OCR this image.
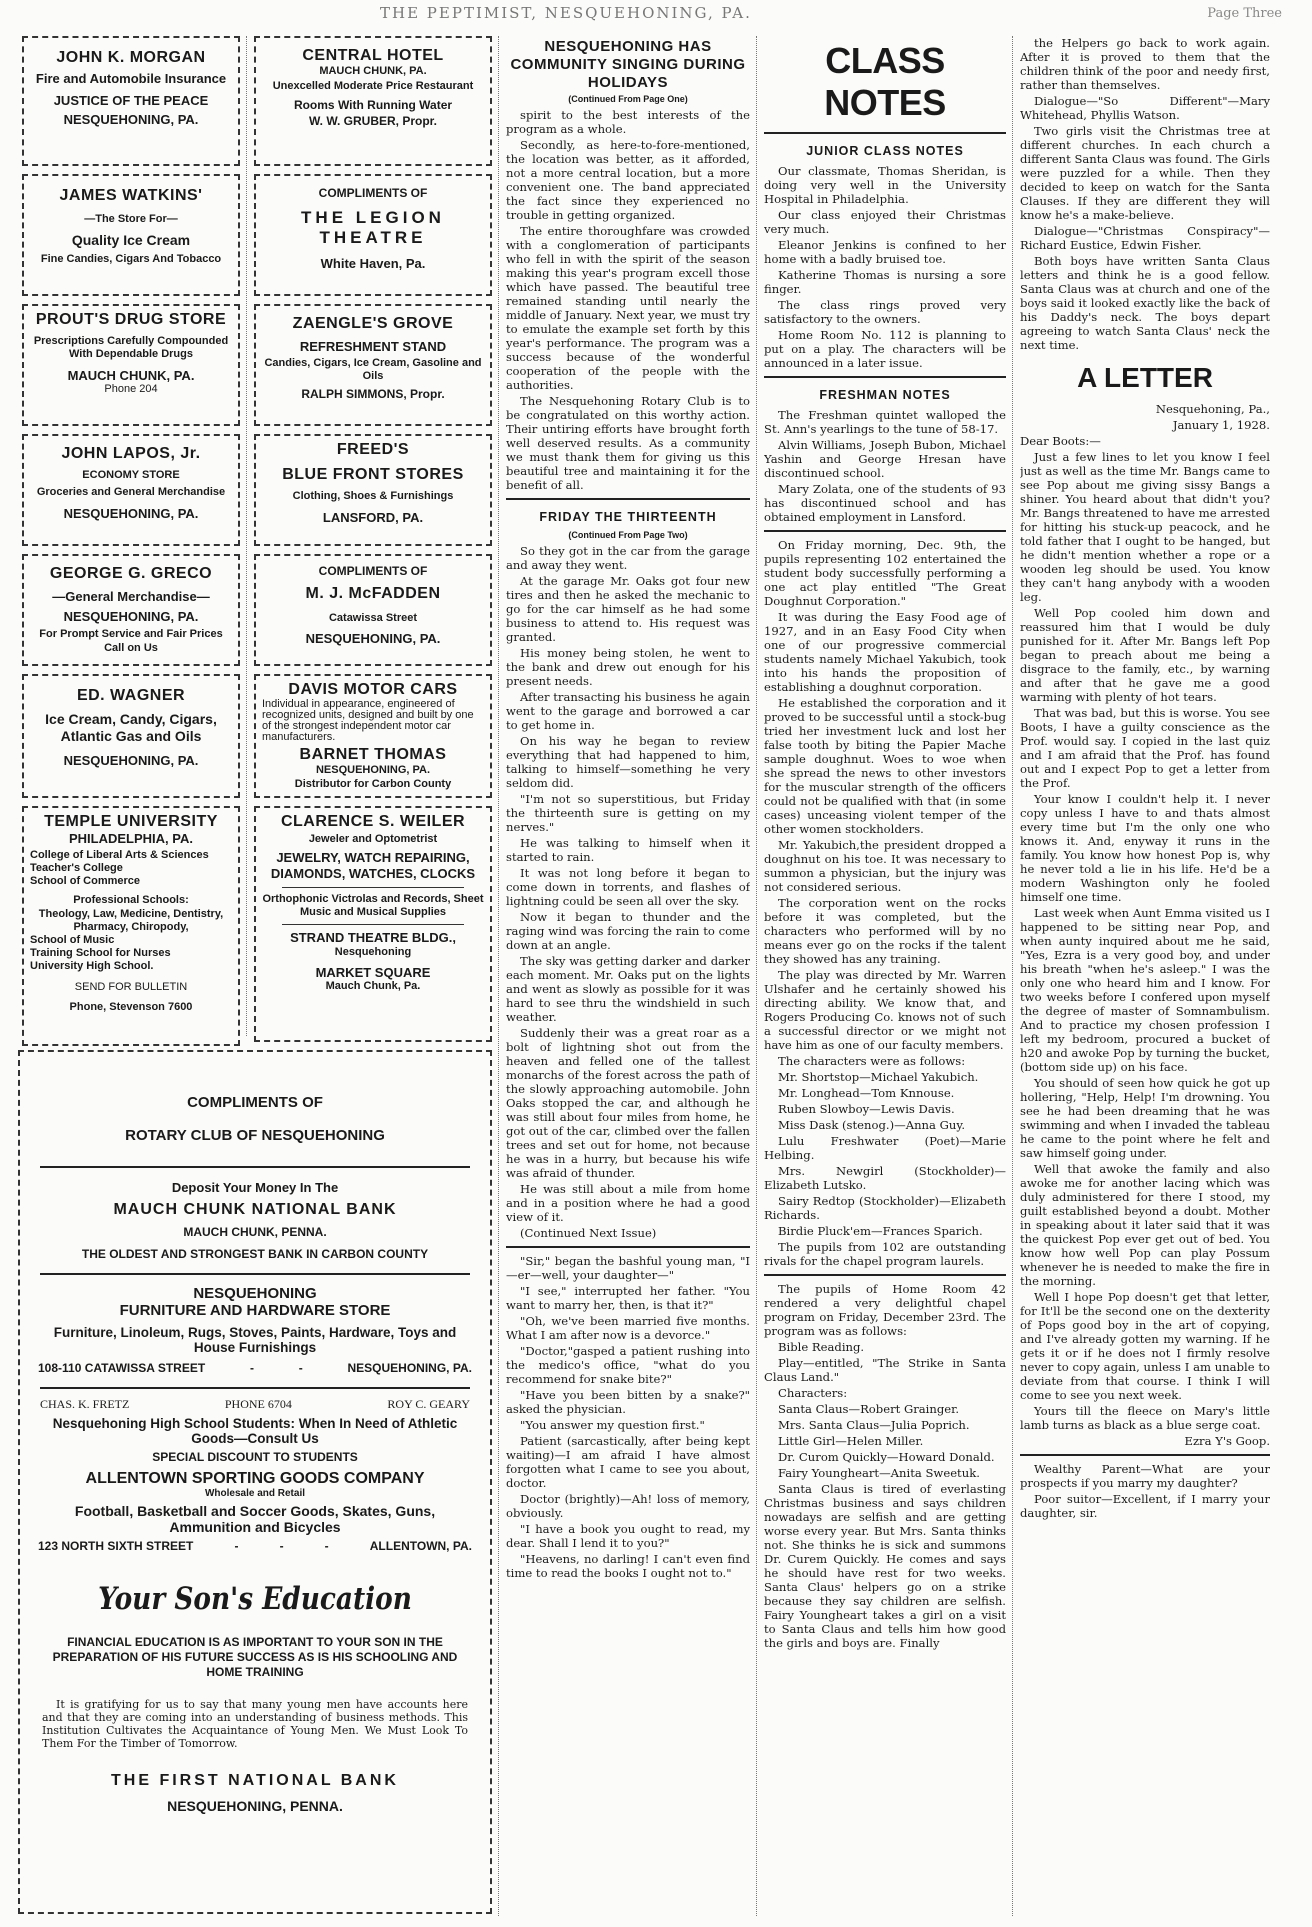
THE PEPTIMIST, NESQUEHONING, PA.	Page Three
JOHN K. MORGAN
Fire and Automobile Insurance
JUSTICE OF THE PEACE
NESQUEHONING, PA.
JAMES WATKINS'
—The Store For—
Quality Ice Cream
Fine Candies, Cigars And Tobacco
PROUT'S DRUG STORE
Prescriptions Carefully Compounded With Dependable Drugs
MAUCH CHUNK, PA.
Phone 204
JOHN LAPOS, Jr.
ECONOMY STORE
Groceries and General Merchandise
NESQUEHONING, PA.
GEORGE G. GRECO
—General Merchandise—
NESQUEHONING, PA.
For Prompt Service and Fair Prices Call on Us
ED. WAGNER
Ice Cream, Candy, Cigars, Atlantic Gas and Oils
NESQUEHONING, PA.
TEMPLE UNIVERSITY
PHILADELPHIA, PA.
College of Liberal Arts & Sciences
Teacher's College
School of Commerce
Professional Schools:
Theology, Law, Medicine, Dentistry, Pharmacy, Chiropody,
School of Music
Training School for Nurses
University High School.
SEND FOR BULLETIN
Phone, Stevenson 7600
CENTRAL HOTEL
MAUCH CHUNK, PA.
Unexcelled Moderate Price Restaurant
Rooms With Running Water
W. W. GRUBER, Propr.
COMPLIMENTS OF
THE LEGION THEATRE
White Haven, Pa.
ZAENGLE'S GROVE
REFRESHMENT STAND
Candies, Cigars, Ice Cream, Gasoline and Oils
RALPH SIMMONS, Propr.
FREED'S
BLUE FRONT STORES
Clothing, Shoes & Furnishings
LANSFORD, PA.
COMPLIMENTS OF
M. J. McFADDEN
Catawissa Street
NESQUEHONING, PA.
DAVIS MOTOR CARS
Individual in appearance, engineered of recognized units, designed and built by one of the strongest independent motor car manufacturers.
BARNET THOMAS
NESQUEHONING, PA.
Distributor for Carbon County
CLARENCE S. WEILER
Jeweler and Optometrist
JEWELRY, WATCH REPAIRING, DIAMONDS, WATCHES, CLOCKS
Orthophonic Victrolas and Records, Sheet Music and Musical Supplies
STRAND THEATRE BLDG.,
Nesquehoning
MARKET SQUARE
Mauch Chunk, Pa.
COMPLIMENTS OF
ROTARY CLUB OF NESQUEHONING
Deposit Your Money In The
MAUCH CHUNK NATIONAL BANK
MAUCH CHUNK, PENNA.
THE OLDEST AND STRONGEST BANK IN CARBON COUNTY
NESQUEHONING
FURNITURE AND HARDWARE STORE
Furniture, Linoleum, Rugs, Stoves, Paints, Hardware, Toys and House Furnishings
108-110 CATAWISSA STREET	-	-	NESQUEHONING, PA.
CHAS. K. FRETZ	PHONE 6704	ROY C. GEARY
Nesquehoning High School Students: When In Need of Athletic Goods—Consult Us
SPECIAL DISCOUNT TO STUDENTS
ALLENTOWN SPORTING GOODS COMPANY
Wholesale and Retail
Football, Basketball and Soccer Goods, Skates, Guns, Ammunition and Bicycles
123 NORTH SIXTH STREET	-	-	-	ALLENTOWN, PA.
Your Son's Education
FINANCIAL EDUCATION IS AS IMPORTANT TO YOUR SON IN THE PREPARATION OF HIS FUTURE SUCCESS AS IS HIS SCHOOLING AND HOME TRAINING
It is gratifying for us to say that many young men have accounts here and that they are coming into an understanding of business methods. This Institution Cultivates the Acquaintance of Young Men. We Must Look To Them For the Timber of Tomorrow.
THE FIRST NATIONAL BANK
NESQUEHONING, PENNA.
NESQUEHONING HAS COMMUNITY SINGING DURING HOLIDAYS
(Continued From Page One)

spirit to the best interests of the program as a whole.

Secondly, as here-to-fore-mentioned, the location was better, as it afforded, not a more central location, but a more convenient one. The band appreciated the fact since they experienced no trouble in getting organized.

The entire thoroughfare was crowded with a conglomeration of participants who fell in with the spirit of the season making this year's program excell those which have passed. The beautiful tree remained standing until nearly the middle of January. Next year, we must try to emulate the example set forth by this year's performance. The program was a success because of the wonderful cooperation of the people with the authorities.

The Nesquehoning Rotary Club is to be congratulated on this worthy action. Their untiring efforts have brought forth well deserved results. As a community we must thank them for giving us this beautiful tree and maintaining it for the benefit of all.

FRIDAY THE THIRTEENTH
(Continued From Page Two)

So they got in the car from the garage and away they went.

At the garage Mr. Oaks got four new tires and then he asked the mechanic to go for the car himself as he had some business to attend to. His request was granted.

His money being stolen, he went to the bank and drew out enough for his present needs.

After transacting his business he again went to the garage and borrowed a car to get home in.

On his way he began to review everything that had happened to him, talking to himself—something he very seldom did.

"I'm not so superstitious, but Friday the thirteenth sure is getting on my nerves."

He was talking to himself when it started to rain.

It was not long before it began to come down in torrents, and flashes of lightning could be seen all over the sky.

Now it began to thunder and the raging wind was forcing the rain to come down at an angle.

The sky was getting darker and darker each moment. Mr. Oaks put on the lights and went as slowly as possible for it was hard to see thru the windshield in such weather.

Suddenly their was a great roar as a bolt of lightning shot out from the heaven and felled one of the tallest monarchs of the forest across the path of the slowly approaching automobile. John Oaks stopped the car, and although he was still about four miles from home, he got out of the car, climbed over the fallen trees and set out for home, not because he was in a hurry, but because his wife was afraid of thunder.

He was still about a mile from home and in a position where he had a good view of it.

(Continued Next Issue)

"Sir," began the bashful young man, "I—er—well, your daughter—"

"I see," interrupted her father. "You want to marry her, then, is that it?"

"Oh, we've been married five months. What I am after now is a devorce."

"Doctor,"gasped a patient rushing into the medico's office, "what do you recommend for snake bite?"

"Have you been bitten by a snake?" asked the physician.

"You answer my question first."

Patient (sarcastically, after being kept waiting)—I am afraid I have almost forgotten what I came to see you about, doctor.

Doctor (brightly)—Ah! loss of memory, obviously.

"I have a book you ought to read, my dear. Shall I lend it to you?"

"Heavens, no darling! I can't even find time to read the books I ought not to."

CLASS NOTES
JUNIOR CLASS NOTES

Our classmate, Thomas Sheridan, is doing very well in the University Hospital in Philadelphia.

Our class enjoyed their Christmas very much.

Eleanor Jenkins is confined to her home with a badly bruised toe.

Katherine Thomas is nursing a sore finger.

The class rings proved very satisfactory to the owners.

Home Room No. 112 is planning to put on a play. The characters will be announced in a later issue.

FRESHMAN NOTES

The Freshman quintet walloped the St. Ann's yearlings to the tune of 58-17.

Alvin Williams, Joseph Bubon, Michael Yashin and George Hresan have discontinued school.

Mary Zolata, one of the students of 93 has discontinued school and has obtained employment in Lansford.

On Friday morning, Dec. 9th, the pupils representing 102 entertained the student body successfully performing a one act play entitled "The Great Doughnut Corporation."

It was during the Easy Food age of 1927, and in an Easy Food City when one of our progressive commercial students namely Michael Yakubich, took into his hands the proposition of establishing a doughnut corporation.

He established the corporation and it proved to be successful until a stock-bug tried her investment luck and lost her false tooth by biting the Papier Mache sample doughnut. Woes to woe when she spread the news to other investors for the muscular strength of the officers could not be qualified with that (in some cases) unceasing violent temper of the other women stockholders.

Mr. Yakubich,the president dropped a doughnut on his toe. It was necessary to summon a physician, but the injury was not considered serious.

The corporation went on the rocks before it was completed, but the characters who performed will by no means ever go on the rocks if the talent they showed has any training.

The play was directed by Mr. Warren Ulshafer and he certainly showed his directing ability. We know that, and Rogers Producing Co. knows not of such a successful director or we might not have him as one of our faculty members.

The characters were as follows:

Mr. Shortstop—Michael Yakubich.

Mr. Longhead—Tom Knnouse.

Ruben Slowboy—Lewis Davis.

Miss Dask (stenog.)—Anna Guy.

Lulu Freshwater (Poet)—Marie Helbing.

Mrs. Newgirl (Stockholder)—Elizabeth Lutsko.

Sairy Redtop (Stockholder)—Elizabeth Richards.

Birdie Pluck'em—Frances Sparich.

The pupils from 102 are outstanding rivals for the chapel program laurels.

The pupils of Home Room 42 rendered a very delightful chapel program on Friday, December 23rd. The program was as follows:

Bible Reading.

Play—entitled, "The Strike in Santa Claus Land."

Characters:

Santa Claus—Robert Grainger.

Mrs. Santa Claus—Julia Poprich.

Little Girl—Helen Miller.

Dr. Curom Quickly—Howard Donald.

Fairy Youngheart—Anita Sweetuk.

Santa Claus is tired of everlasting Christmas business and says children nowadays are selfish and are getting worse every year. But Mrs. Santa thinks not. She thinks he is sick and summons Dr. Curem Quickly. He comes and says he should have rest for two weeks. Santa Claus' helpers go on a strike because they say children are selfish. Fairy Youngheart takes a girl on a visit to Santa Claus and tells him how good the girls and boys are. Finally

the Helpers go back to work again. After it is proved to them that the children think of the poor and needy first, rather than themselves.

Dialogue—"So Different"—Mary Whitehead, Phyllis Watson.

Two girls visit the Christmas tree at different churches. In each church a different Santa Claus was found. The Girls were puzzled for a while. Then they decided to keep on watch for the Santa Clauses. If they are different they will know he's a make-believe.

Dialogue—"Christmas Conspiracy"—Richard Eustice, Edwin Fisher.

Both boys have written Santa Claus letters and think he is a good fellow. Santa Claus was at church and one of the boys said it looked exactly like the back of his Daddy's neck. The boys depart agreeing to watch Santa Claus' neck the next time.

A LETTER

Nesquehoning, Pa.,

January 1, 1928.

Dear Boots:—

Just a few lines to let you know I feel just as well as the time Mr. Bangs came to see Pop about me giving sissy Bangs a shiner. You heard about that didn't you? Mr. Bangs threatened to have me arrested for hitting his stuck-up peacock, and he told father that I ought to be hanged, but he didn't mention whether a rope or a wooden leg should be used. You know they can't hang anybody with a wooden leg.

Well Pop cooled him down and reassured him that I would be duly punished for it. After Mr. Bangs left Pop began to preach about me being a disgrace to the family, etc., by warning and after that he gave me a good warming with plenty of hot tears.

That was bad, but this is worse. You see Boots, I have a guilty conscience as the Prof. would say. I copied in the last quiz and I am afraid that the Prof. has found out and I expect Pop to get a letter from the Prof.

Your know I couldn't help it. I never copy unless I have to and thats almost every time but I'm the only one who knows it. And, enyway it runs in the family. You know how honest Pop is, why he never told a lie in his life. He'd be a modern Washington only he fooled himself one time.

Last week when Aunt Emma visited us I happened to be sitting near Pop, and when aunty inquired about me he said, "Yes, Ezra is a very good boy, and under his breath "when he's asleep." I was the only one who heard him and I know. For two weeks before I confered upon myself the degree of master of Somnambulism. And to practice my chosen profession I left my bedroom, procured a bucket of h20 and awoke Pop by turning the bucket, (bottom side up) on his face.

You should of seen how quick he got up hollering, "Help, Help! I'm drowning. You see he had been dreaming that he was swimming and when I invaded the tableau he came to the point where he felt and saw himself going under.

Well that awoke the family and also awoke me for another lacing which was duly administered for there I stood, my guilt established beyond a doubt. Mother in speaking about it later said that it was the quickest Pop ever get out of bed. You know how well Pop can play Possum whenever he is needed to make the fire in the morning.

Well I hope Pop doesn't get that letter, for It'll be the second one on the dexterity of Pops good boy in the art of copying, and I've already gotten my warning. If he gets it or if he does not I firmly resolve never to copy again, unless I am unable to deviate from that course. I think I will come to see you next week.

Yours till the fleece on Mary's little lamb turns as black as a blue serge coat.

Ezra Y's Goop.

Wealthy Parent—What are your prospects if you marry my daughter?

Poor suitor—Excellent, if I marry your daughter, sir.
